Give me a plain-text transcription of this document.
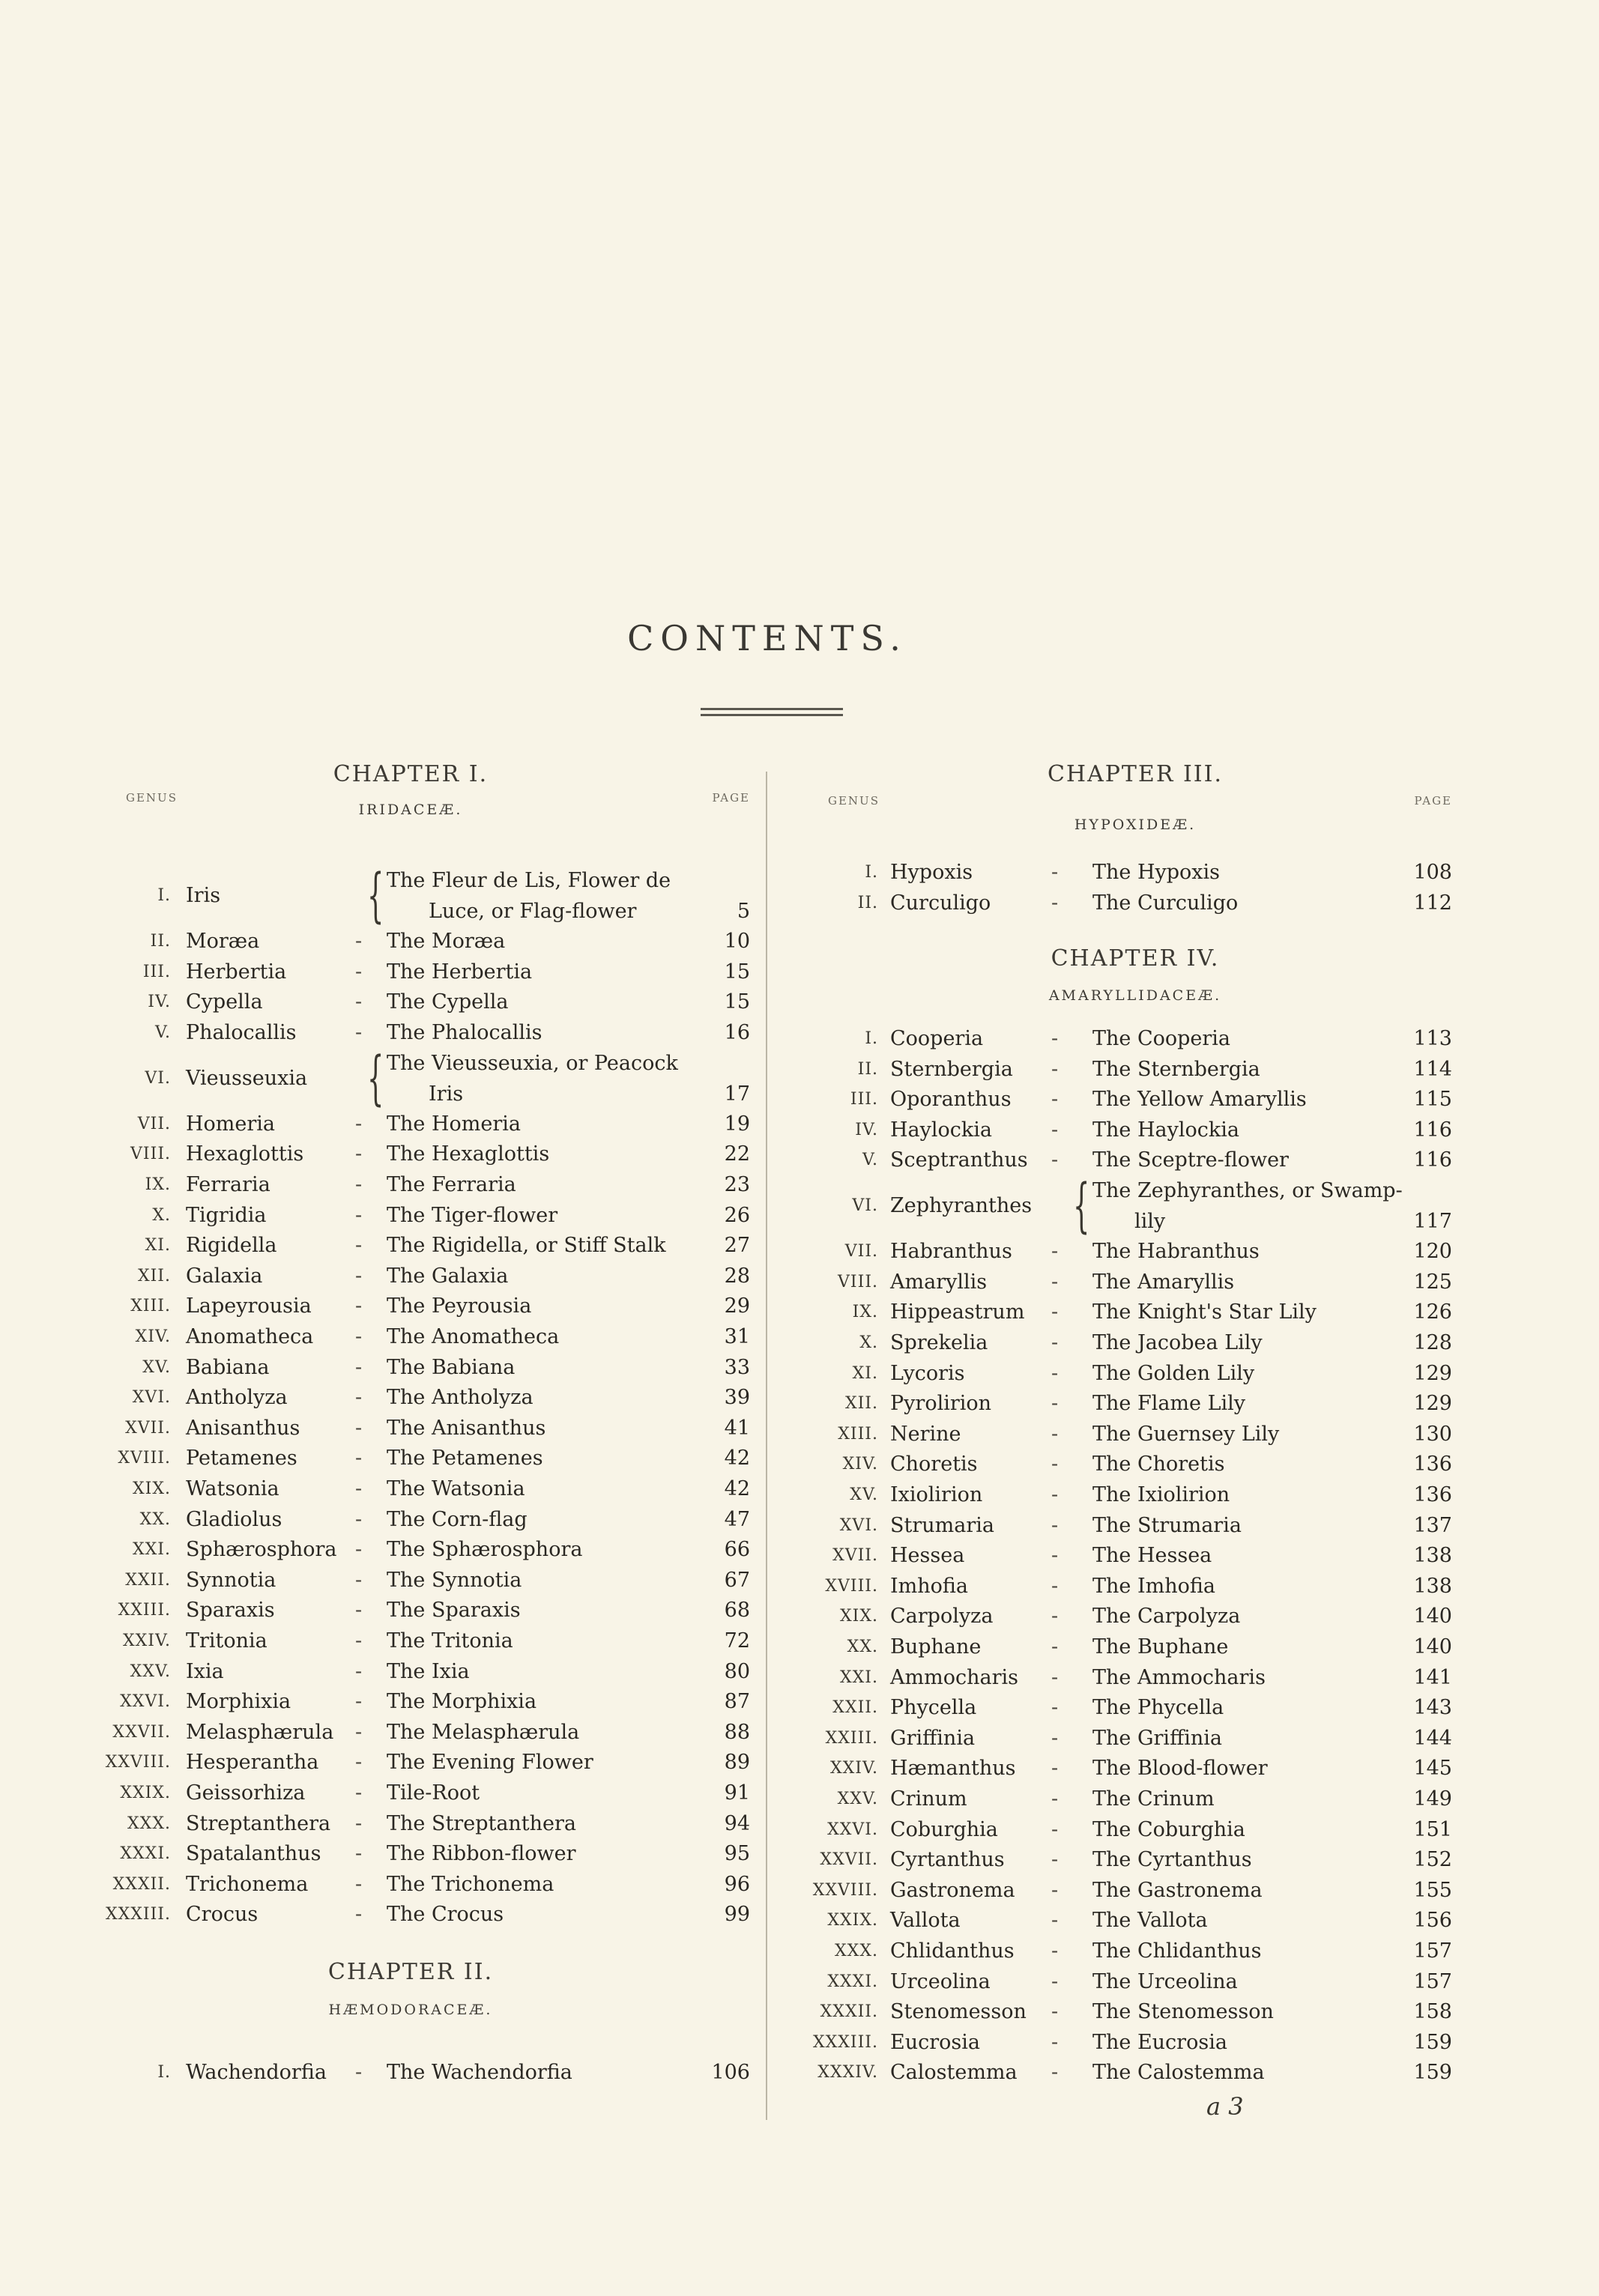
CONTENTS.
GENUS	PAGE
CHAPTER I.
IRIDACEÆ.
I. Iris	{ The Fleur de Lis, Flower de
Luce, or Flag-flower	5
II. Moræa	- The Moræa	10
III. Herbertia	- The Herbertia	15
IV. Cypella	- The Cypella	15
V. Phalocallis	- The Phalocallis	16
VI. Vieusseuxia { The Vieusseuxia, or Peacock
Iris	17
VII. Homeria	- The Homeria	19
VIII. Hexaglottis	- The Hexaglottis	22
IX. Ferraria	- The Ferraria	23
X. Tigridia	- The Tiger-flower	26
XI. Rigidella	- The Rigidella, or Stiff Stalk	27
XII. Galaxia	- The Galaxia	28
XIII. Lapeyrousia - The Peyrousia	29
XIV. Anomatheca - The Anomatheca	31
XV. Babiana	- The Babiana	33
XVI. Antholyza	- The Antholyza	39
XVII. Anisanthus	- The Anisanthus	41
XVIII. Petamenes	- The Petamenes	42
XIX. Watsonia	- The Watsonia	42
XX. Gladiolus	- The Corn-flag	47
XXI. Sphærosphora - The Sphærosphora	66
XXII. Synnotia	- The Synnotia	67
XXIII. Sparaxis	- The Sparaxis	68
XXIV. Tritonia	- The Tritonia	72
XXV. Ixia	- The Ixia	80
XXVI. Morphixia	- The Morphixia	87
XXVII. Melasphærula - The Melasphærula	88
XXVIII. Hesperantha - The Evening Flower	89
XXIX. Geissorhiza - Tile-Root	91
XXX. Streptanthera - The Streptanthera	94
XXXI. Spatalanthus - The Ribbon-flower	95
XXXII. Trichonema - The Trichonema	96
XXXIII. Crocus	- The Crocus	99
CHAPTER II.
HÆMODORACEÆ.
I. Wachendorfia - The Wachendorfia	106
GENUS	PAGE
CHAPTER III.
HYPOXIDEÆ.
I. Hypoxis	- The Hypoxis	108
II. Curculigo	- The Curculigo	112
CHAPTER IV.
AMARYLLIDACEÆ.
I. Cooperia	- The Cooperia	113
II. Sternbergia - The Sternbergia	114
III. Oporanthus - The Yellow Amaryllis	115
IV. Haylockia	- The Haylockia	116
V. Sceptranthus - The Sceptre-flower	116
VI. Zephyranthes { The Zephyranthes, or Swamp-
lily	117
VII. Habranthus - The Habranthus	120
VIII. Amaryllis	- The Amaryllis	125
IX. Hippeastrum - The Knight's Star Lily	126
X. Sprekelia	- The Jacobea Lily	128
XI. Lycoris	- The Golden Lily	129
XII. Pyrolirion	- The Flame Lily	129
XIII. Nerine	- The Guernsey Lily	130
XIV. Choretis	- The Choretis	136
XV. Ixiolirion	- The Ixiolirion	136
XVI. Strumaria	- The Strumaria	137
XVII. Hessea	- The Hessea	138
XVIII. Imhofia	- The Imhofia	138
XIX. Carpolyza	- The Carpolyza	140
XX. Buphane	- The Buphane	140
XXI. Ammocharis - The Ammocharis	141
XXII. Phycella	- The Phycella	143
XXIII. Griffinia	- The Griffinia	144
XXIV. Hæmanthus - The Blood-flower	145
XXV. Crinum	- The Crinum	149
XXVI. Coburghia	- The Coburghia	151
XXVII. Cyrtanthus - The Cyrtanthus	152
XXVIII. Gastronema - The Gastronema	155
XXIX. Vallota	- The Vallota	156
XXX. Chlidanthus - The Chlidanthus	157
XXXI. Urceolina	- The Urceolina	157
XXXII. Stenomesson - The Stenomesson	158
XXXIII. Eucrosia	- The Eucrosia	159
XXXIV. Calostemma - The Calostemma	159
a 3
